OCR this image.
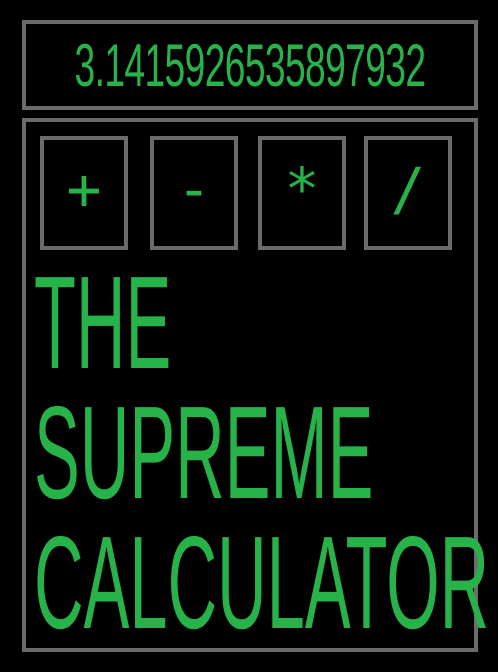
3.1415926535897932
+ - * /
THE
SUPREME
CALCULATOR
